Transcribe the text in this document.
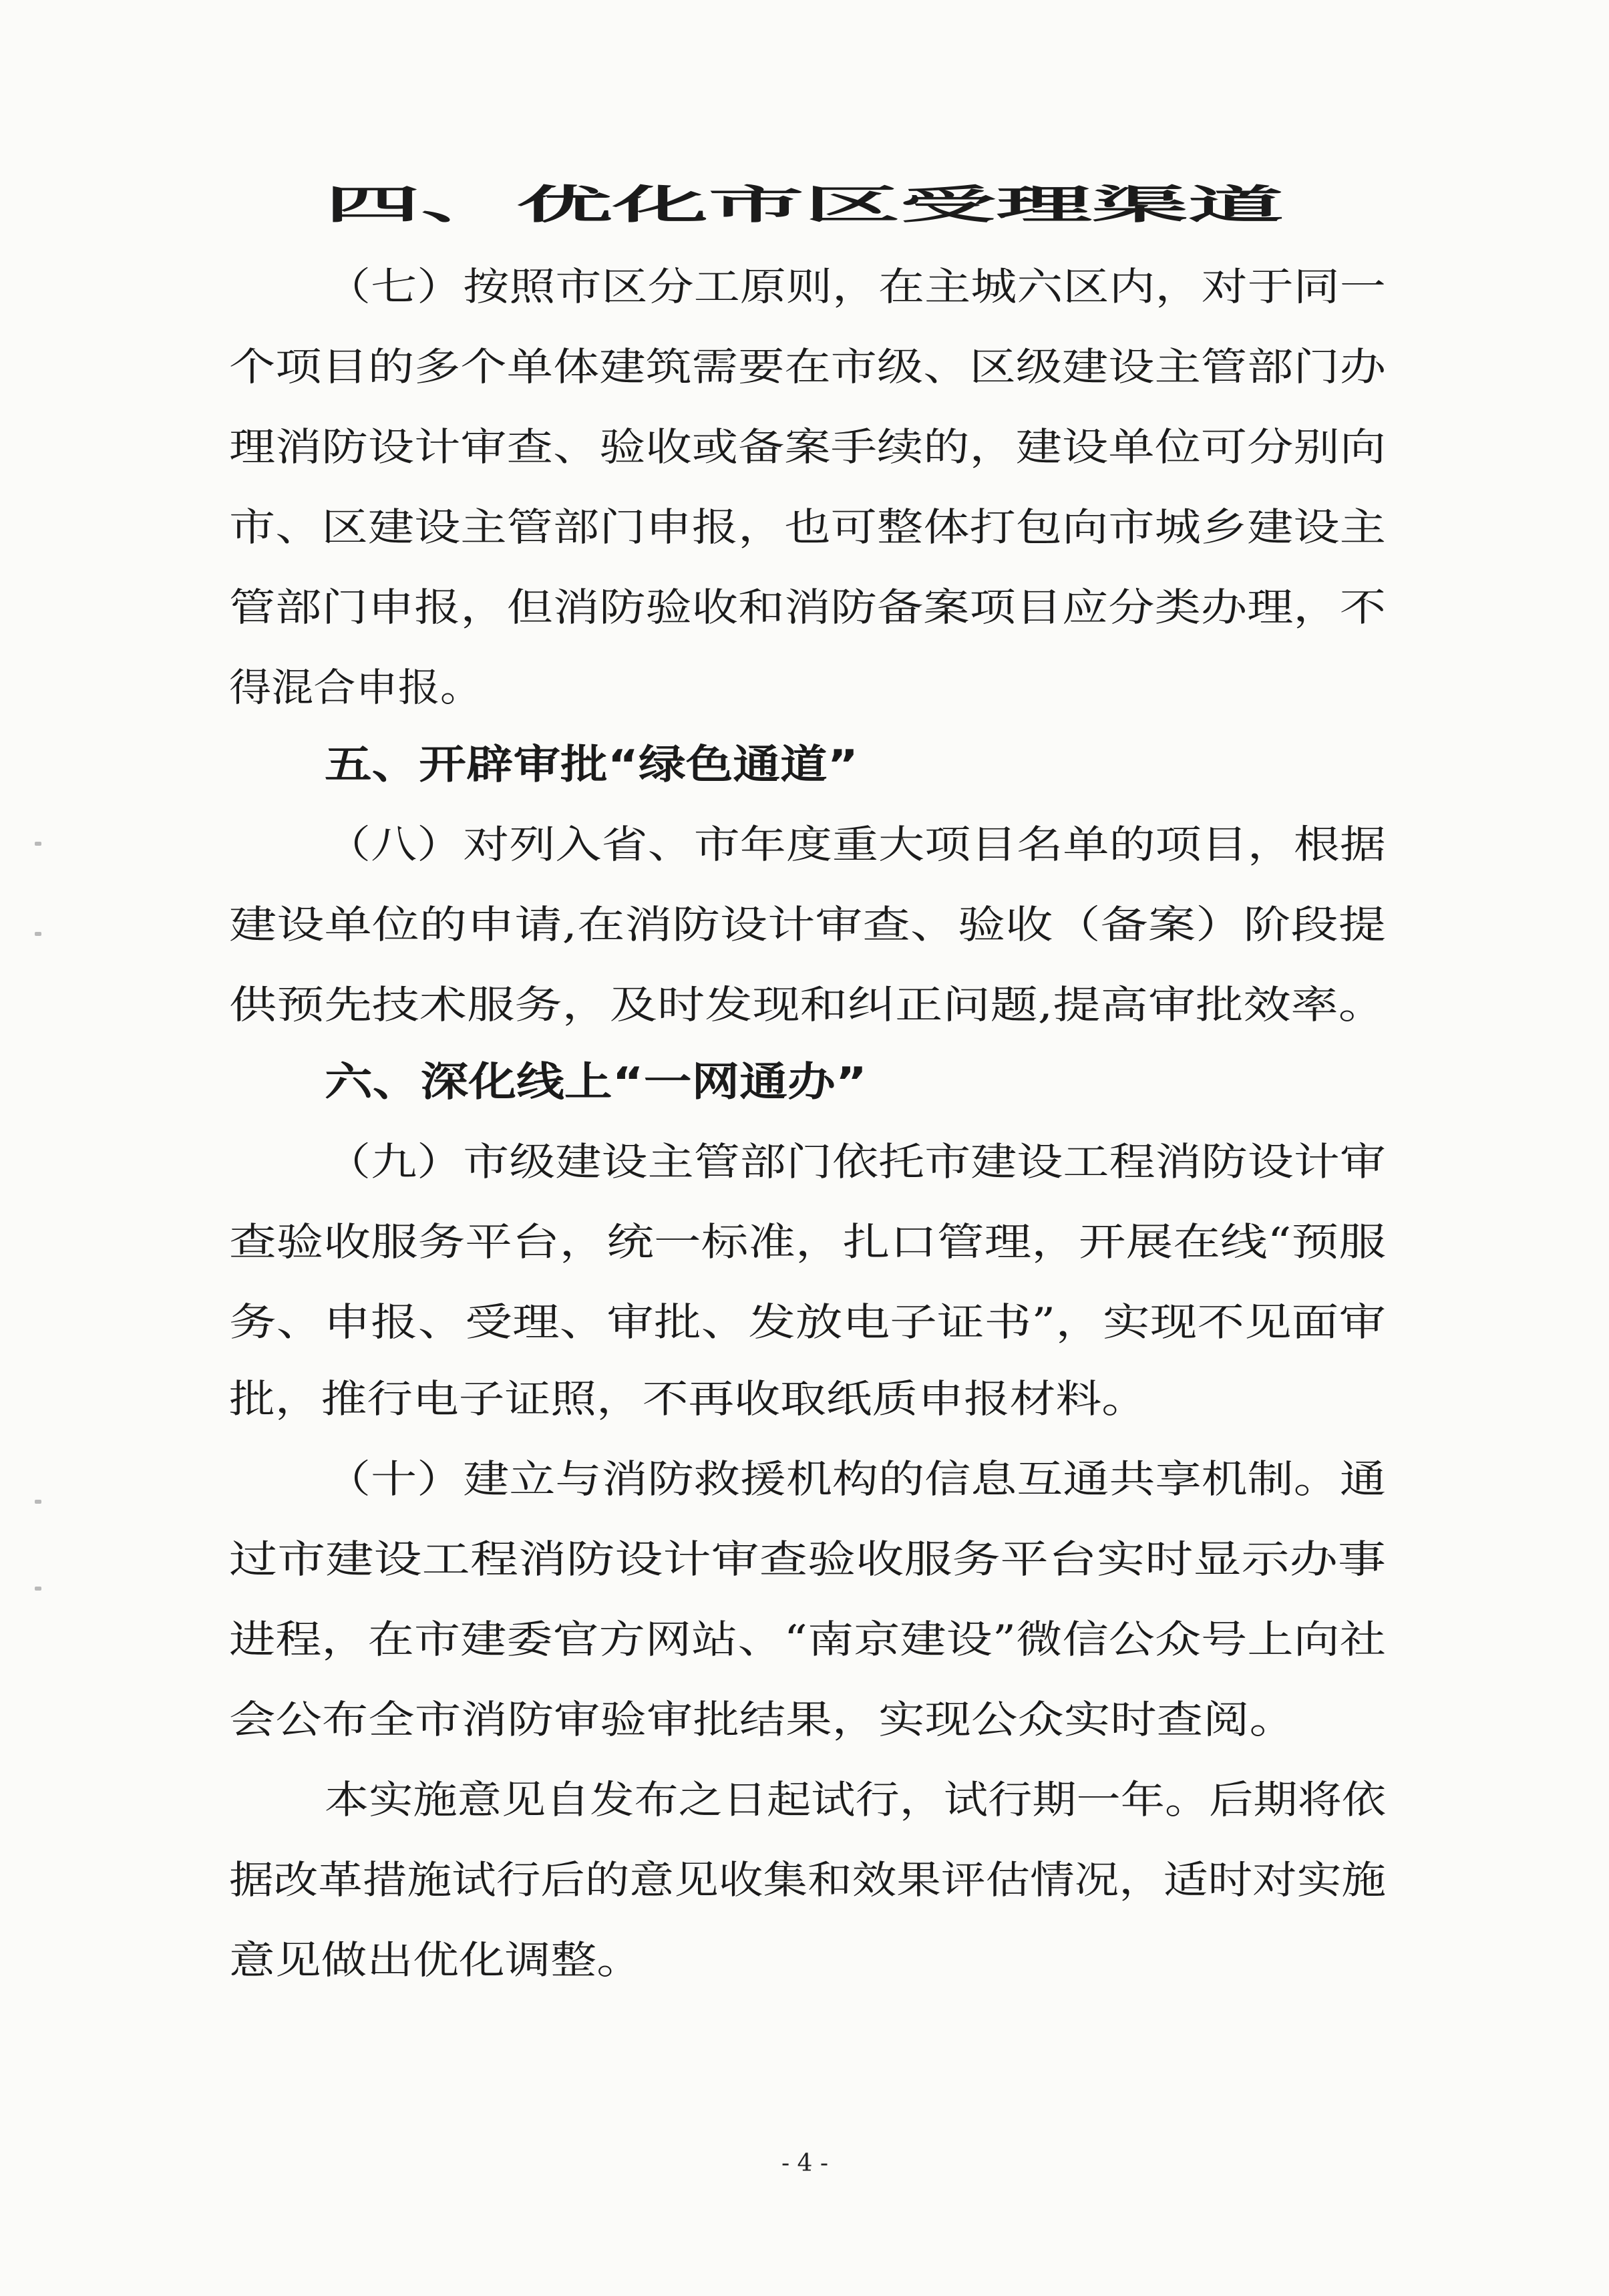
四、优化市区受理渠道
（七）按照市区分工原则，在主城六区内，对于同一
个项目的多个单体建筑需要在市级、区级建设主管部门办
理消防设计审查、验收或备案手续的，建设单位可分别向
市、区建设主管部门申报，也可整体打包向市城乡建设主
管部门申报，但消防验收和消防备案项目应分类办理，不
得混合申报。
五、开辟审批“绿色通道”
（八）对列入省、市年度重大项目名单的项目，根据
建设单位的申请,在消防设计审查、验收（备案）阶段提
供预先技术服务，及时发现和纠正问题,提高审批效率。
六、深化线上“一网通办”
（九）市级建设主管部门依托市建设工程消防设计审
查验收服务平台，统一标准，扎口管理，开展在线“预服
务、申报、受理、审批、发放电子证书”，实现不见面审
批，推行电子证照，不再收取纸质申报材料。
（十）建立与消防救援机构的信息互通共享机制。通
过市建设工程消防设计审查验收服务平台实时显示办事
进程，在市建委官方网站、“南京建设”微信公众号上向社
会公布全市消防审验审批结果，实现公众实时查阅。
本实施意见自发布之日起试行，试行期一年。后期将依
据改革措施试行后的意见收集和效果评估情况，适时对实施
意见做出优化调整。
- 4 -
